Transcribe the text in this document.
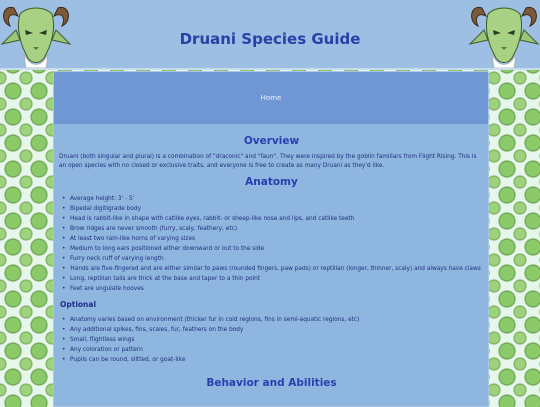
Druani Species Guide
Home
Overview

Druani (both singular and plural) is a combination of "draconic" and "faun". They were inspired by the goblin familiars from Flight Rising. This is an open species with no closed or exclusive traits, and everyone is free to create as many Druani as they'd like.

Anatomy
• Average height: 3' - 5'
• Bipedal digitigrade body
• Head is rabbit-like in shape with catlike eyes, rabbit- or sheep-like nose and lips, and catlike teeth
• Brow ridges are never smooth (furry, scaly, feathery, etc)
• At least two ram-like horns of varying sizes
• Medium to long ears positioned either downward or out to the side
• Furry neck ruff of varying length
• Hands are five-fingered and are either similar to paws (rounded fingers, paw pads) or reptilian (longer, thinner, scaly) and always have claws
• Long, reptilian tails are thick at the base and taper to a thin point
• Feet are ungulate hooves
Optional
• Anatomy varies based on environment (thicker fur in cold regions, fins in semi-aquatic regions, etc)
• Any additional spikes, fins, scales, fur, feathers on the body
• Small, flightless wings
• Any coloration or pattern
• Pupils can be round, slitted, or goat-like
Behavior and Abilities
